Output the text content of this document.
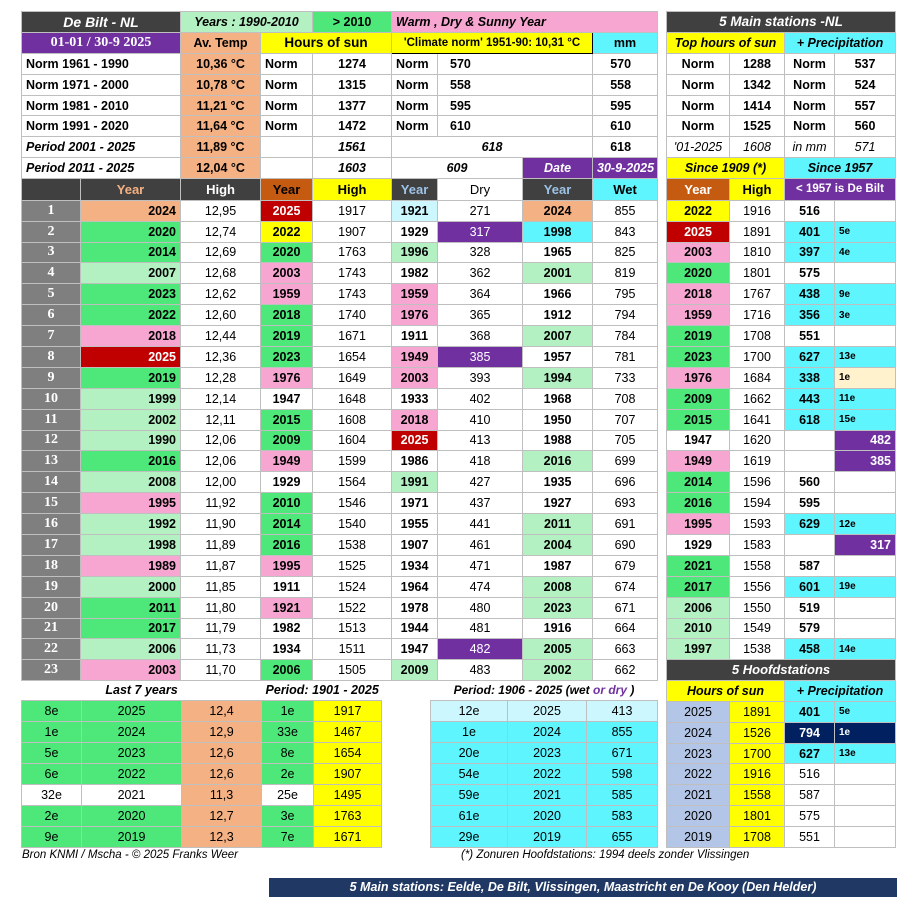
De Bilt - NL		Years : 1990-2010		> 2010	Warm , Dry & Sunny Year			
01-01 / 30-9 2025		Av. Temp	Hours of sun		'Climate norm' 1951-90: 10,31 °C			mm
Norm 1961 - 1990		10,36 °C	Norm	1274	Norm	570		570
Norm 1971 - 2000		10,78 °C	Norm	1315	Norm	558		558
Norm 1981 - 2010		11,21 °C	Norm	1377	Norm	595		595
Norm 1991 - 2020		11,64 °C	Norm	1472	Norm	610		610
Period 2001 - 2025		11,89 °C		1561	618			618
Period 2011 - 2025		12,04 °C		1603	609		Date	30-9-2025
	Year	High	Year	High	Year	Dry	Year	Wet
1	2024	12,95	2025	1917	1921	271	2024	855
2	2020	12,74	2022	1907	1929	317	1998	843
3	2014	12,69	2020	1763	1996	328	1965	825
4	2007	12,68	2003	1743	1982	362	2001	819
5	2023	12,62	1959	1743	1959	364	1966	795
6	2022	12,60	2018	1740	1976	365	1912	794
7	2018	12,44	2019	1671	1911	368	2007	784
8	2025	12,36	2023	1654	1949	385	1957	781
9	2019	12,28	1976	1649	2003	393	1994	733
10	1999	12,14	1947	1648	1933	402	1968	708
11	2002	12,11	2015	1608	2018	410	1950	707
12	1990	12,06	2009	1604	2025	413	1988	705
13	2016	12,06	1949	1599	1986	418	2016	699
14	2008	12,00	1929	1564	1991	427	1935	696
15	1995	11,92	2010	1546	1971	437	1927	693
16	1992	11,90	2014	1540	1955	441	2011	691
17	1998	11,89	2016	1538	1907	461	2004	690
18	1989	11,87	1995	1525	1934	471	1987	679
19	2000	11,85	1911	1524	1964	474	2008	674
20	2011	11,80	1921	1522	1978	480	2023	671
21	2017	11,79	1982	1513	1944	481	1916	664
22	2006	11,73	1934	1511	1947	482	2005	663
23	2003	11,70	2006	1505	2009	483	2002	662
5 Main stations -NL			
Top hours of sun		+ Precipitation	
Norm	1288	Norm	537
Norm	1342	Norm	524
Norm	1414	Norm	557
Norm	1525	Norm	560
'01-2025	1608	in mm	571
Since 1909 (*)		Since 1957	
Year	High	< 1957 is De Bilt	
2022	1916	516	
2025	1891	401	5e
2003	1810	397	4e
2020	1801	575	
2018	1767	438	9e
1959	1716	356	3e
2019	1708	551	
2023	1700	627	13e
1976	1684	338	1e
2009	1662	443	11e
2015	1641	618	15e
1947	1620		482
1949	1619		385
2014	1596	560	
2016	1594	595	
1995	1593	629	12e
1929	1583		317
2021	1558	587	
2017	1556	601	19e
2006	1550	519	
2010	1549	579	
1997	1538	458	14e
Last 7 years			Period: 1901 - 2025	
8e	2025	12,4	1e	1917
1e	2024	12,9	33e	1467
5e	2023	12,6	8e	1654
6e	2022	12,6	2e	1907
32e	2021	11,3	25e	1495
2e	2020	12,7	3e	1763
9e	2019	12,3	7e	1671
Period: 1906 - 2025 (wet or dry )		
12e	2025	413
1e	2024	855
20e	2023	671
54e	2022	598
59e	2021	585
61e	2020	583
29e	2019	655
5 Hoofdstations			
Hours of sun		+ Precipitation	
2025	1891	401	5e
2024	1526	794	1e
2023	1700	627	13e
2022	1916	516	
2021	1558	587	
2020	1801	575	
2019	1708	551	
Bron KNMI / Mscha - © 2025 Franks Weer	(*) Zonuren Hoofdstations: 1994 deels zonder Vlissingen
5 Main stations: Eelde, De Bilt, Vlissingen, Maastricht en De Kooy (Den Helder)
